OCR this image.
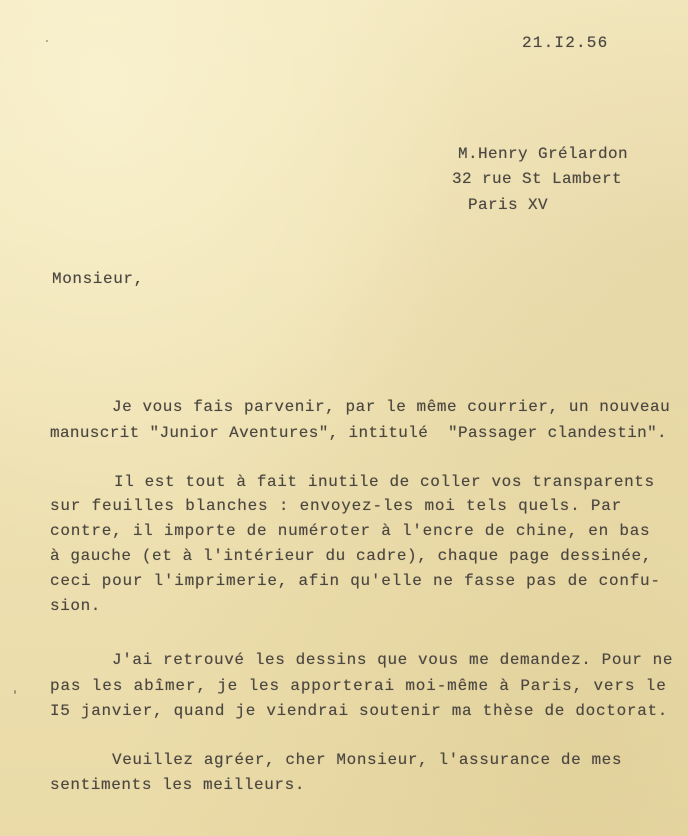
21.I2.56
M.Henry Grélardon
32 rue St Lambert
Paris XV
Monsieur,
Je vous fais parvenir, par le même courrier, un nouveau
manuscrit "Junior Aventures", intitulé  "Passager clandestin".
Il est tout à fait inutile de coller vos transparents
sur feuilles blanches : envoyez-les moi tels quels. Par
contre, il importe de numéroter à l'encre de chine, en bas
à gauche (et à l'intérieur du cadre), chaque page dessinée,
ceci pour l'imprimerie, afin qu'elle ne fasse pas de confu-
sion.
J'ai retrouvé les dessins que vous me demandez. Pour ne
pas les abîmer, je les apporterai moi-même à Paris, vers le
I5 janvier, quand je viendrai soutenir ma thèse de doctorat.
Veuillez agréer, cher Monsieur, l'assurance de mes
sentiments les meilleurs.
